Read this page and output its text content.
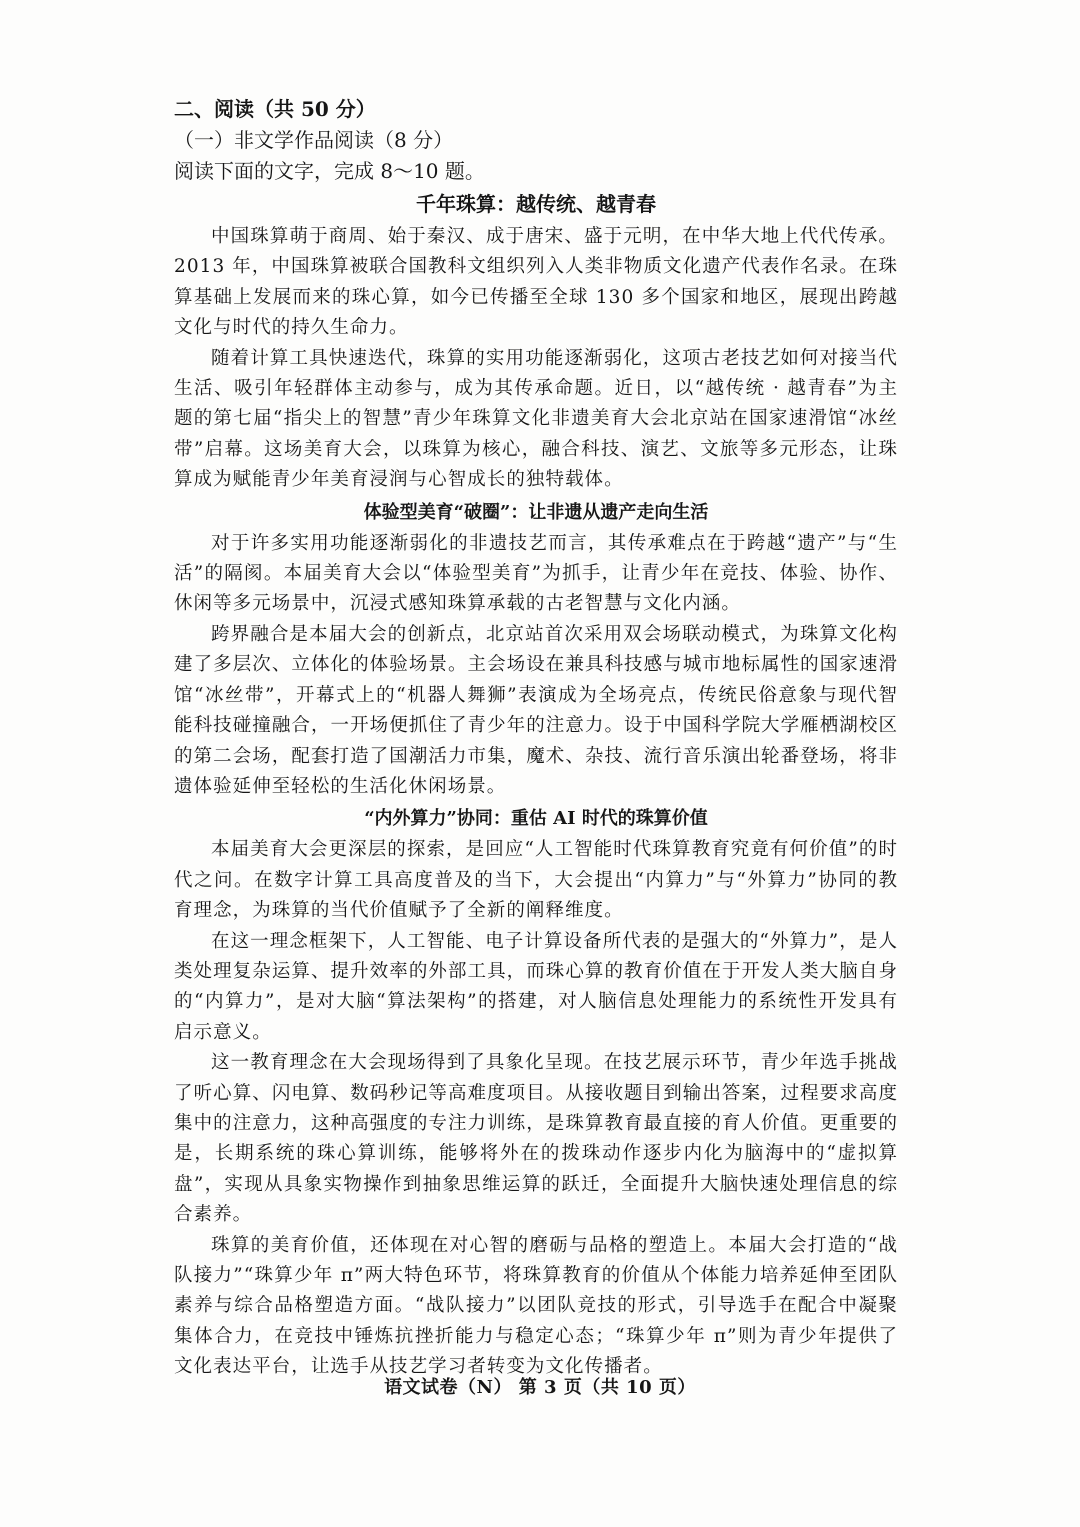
二、阅读（共 50 分）

（一）非文学作品阅读（8 分）

阅读下面的文字，完成 8～10 题。

千年珠算：越传统、越青春

中国珠算萌于商周、始于秦汉、成于唐宋、盛于元明，在中华大地上代代传承。2013 年，中国珠算被联合国教科文组织列入人类非物质文化遗产代表作名录。在珠算基础上发展而来的珠心算，如今已传播至全球 130 多个国家和地区，展现出跨越文化与时代的持久生命力。

随着计算工具快速迭代，珠算的实用功能逐渐弱化，这项古老技艺如何对接当代生活、吸引年轻群体主动参与，成为其传承命题。近日，以“越传统 · 越青春”为主题的第七届“指尖上的智慧”青少年珠算文化非遗美育大会北京站在国家速滑馆“冰丝带”启幕。这场美育大会，以珠算为核心，融合科技、演艺、文旅等多元形态，让珠算成为赋能青少年美育浸润与心智成长的独特载体。

体验型美育“破圈”：让非遗从遗产走向生活

对于许多实用功能逐渐弱化的非遗技艺而言，其传承难点在于跨越“遗产”与“生活”的隔阂。本届美育大会以“体验型美育”为抓手，让青少年在竞技、体验、协作、休闲等多元场景中，沉浸式感知珠算承载的古老智慧与文化内涵。

跨界融合是本届大会的创新点，北京站首次采用双会场联动模式，为珠算文化构建了多层次、立体化的体验场景。主会场设在兼具科技感与城市地标属性的国家速滑馆“冰丝带”，开幕式上的“机器人舞狮”表演成为全场亮点，传统民俗意象与现代智能科技碰撞融合，一开场便抓住了青少年的注意力。设于中国科学院大学雁栖湖校区的第二会场，配套打造了国潮活力市集，魔术、杂技、流行音乐演出轮番登场，将非遗体验延伸至轻松的生活化休闲场景。

“内外算力”协同：重估 AI 时代的珠算价值

本届美育大会更深层的探索，是回应“人工智能时代珠算教育究竟有何价值”的时代之问。在数字计算工具高度普及的当下，大会提出“内算力”与“外算力”协同的教育理念，为珠算的当代价值赋予了全新的阐释维度。

在这一理念框架下，人工智能、电子计算设备所代表的是强大的“外算力”，是人类处理复杂运算、提升效率的外部工具，而珠心算的教育价值在于开发人类大脑自身的“内算力”，是对大脑“算法架构”的搭建，对人脑信息处理能力的系统性开发具有启示意义。

这一教育理念在大会现场得到了具象化呈现。在技艺展示环节，青少年选手挑战了听心算、闪电算、数码秒记等高难度项目。从接收题目到输出答案，过程要求高度集中的注意力，这种高强度的专注力训练，是珠算教育最直接的育人价值。更重要的是，长期系统的珠心算训练，能够将外在的拨珠动作逐步内化为脑海中的“虚拟算盘”，实现从具象实物操作到抽象思维运算的跃迁，全面提升大脑快速处理信息的综合素养。

珠算的美育价值，还体现在对心智的磨砺与品格的塑造上。本届大会打造的“战队接力”“珠算少年 π”两大特色环节，将珠算教育的价值从个体能力培养延伸至团队素养与综合品格塑造方面。“战队接力”以团队竞技的形式，引导选手在配合中凝聚集体合力，在竞技中锤炼抗挫折能力与稳定心态；“珠算少年 π”则为青少年提供了文化表达平台，让选手从技艺学习者转变为文化传播者。

语文试卷（N） 第 3 页（共 10 页）
